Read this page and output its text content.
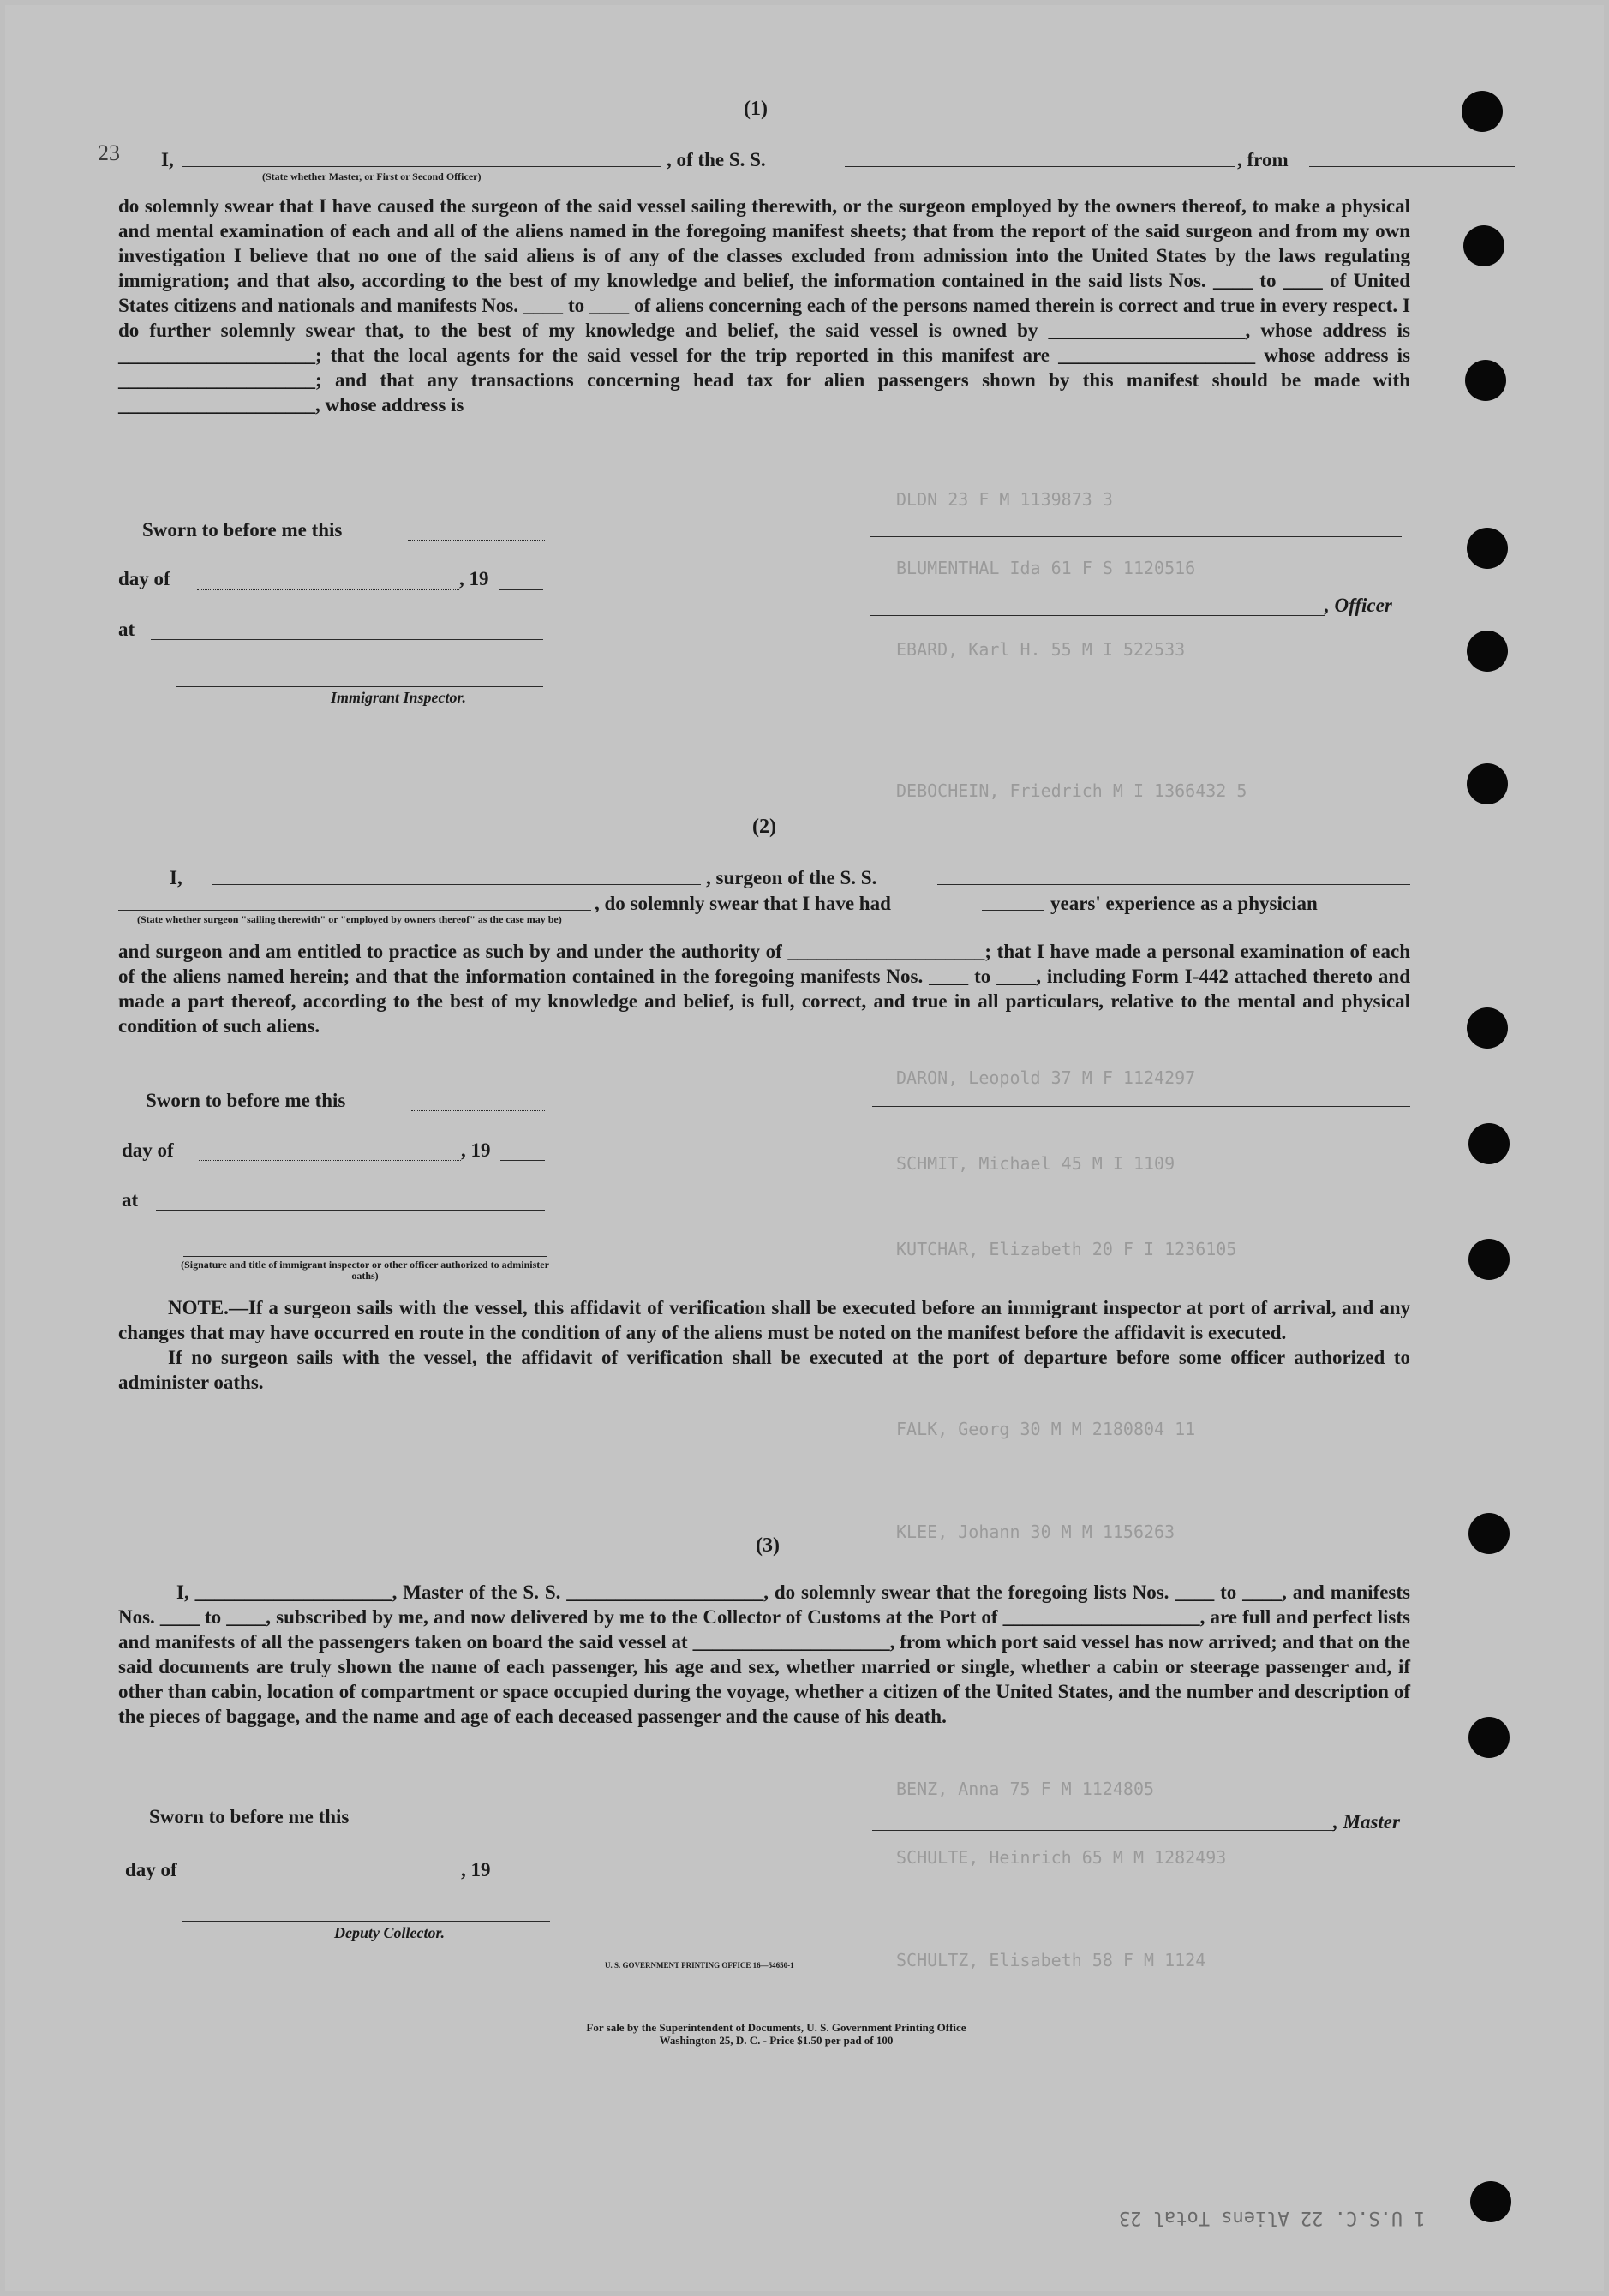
DLDN 23 F M 1139873 3
BLUMENTHAL Ida 61 F S 1120516
EBARD, Karl H. 55 M I 522533
DEBOCHEIN, Friedrich M I 1366432 5
DARON, Leopold 37 M F 1124297
SCHMIT, Michael 45 M I 1109
KUTCHAR, Elizabeth 20 F I 1236105
FALK, Georg 30 M M 2180804 11
KLEE, Johann 30 M M 1156263
BENZ, Anna 75 F M 1124805
SCHULTE, Heinrich 65 M M 1282493
SCHULTZ, Elisabeth 58 F M 1124
23
1 U.S.C. 22 Aliens Total 23
(1)
I,	, of the S. S.	, from
(State whether Master, or First or Second Officer)

do solemnly swear that I have caused the surgeon of the said vessel sailing therewith, or the surgeon employed by the owners thereof, to make a physical and mental examination of each and all of the aliens named in the foregoing manifest sheets; that from the report of the said surgeon and from my own investigation I believe that no one of the said aliens is of any of the classes excluded from admission into the United States by the laws regulating immigration; and that also, according to the best of my knowledge and belief, the information contained in the said lists Nos. ____ to ____ of United States citizens and nationals and manifests Nos. ____ to ____ of aliens concerning each of the persons named therein is correct and true in every respect. I do further solemnly swear that, to the best of my knowledge and belief, the said vessel is owned by ____________________, whose address is ____________________; that the local agents for the said vessel for the trip reported in this manifest are ____________________ whose address is ____________________; and that any transactions concerning head tax for alien passengers shown by this manifest should be made with ____________________, whose address is

Sworn to before me this
day of	, 19
, Officer
at
Immigrant Inspector.
(2)
I,	, surgeon of the S. S.
, do solemnly swear that I have had	years' experience as a physician
(State whether surgeon "sailing therewith" or "employed by owners thereof" as the case may be)

and surgeon and am entitled to practice as such by and under the authority of ____________________; that I have made a personal examination of each of the aliens named herein; and that the information contained in the foregoing manifests Nos. ____ to ____, including Form I-442 attached thereto and made a part thereof, according to the best of my knowledge and belief, is full, correct, and true in all particulars, relative to the mental and physical condition of such aliens.

Sworn to before me this
day of	, 19
at
(Signature and title of immigrant inspector or other officer authorized to administer oaths)

NOTE.—If a surgeon sails with the vessel, this affidavit of verification shall be executed before an immigrant inspector at port of arrival, and any changes that may have occurred en route in the condition of any of the aliens must be noted on the manifest before the affidavit is executed.

If no surgeon sails with the vessel, the affidavit of verification shall be executed at the port of departure before some officer authorized to administer oaths.

(3)

I, ____________________, Master of the S. S. ____________________, do solemnly swear that the foregoing lists Nos. ____ to ____, and manifests Nos. ____ to ____, subscribed by me, and now delivered by me to the Collector of Customs at the Port of ____________________, are full and perfect lists and manifests of all the passengers taken on board the said vessel at ____________________, from which port said vessel has now arrived; and that on the said documents are truly shown the name of each passenger, his age and sex, whether married or single, whether a cabin or steerage passenger and, if other than cabin, location of compartment or space occupied during the voyage, whether a citizen of the United States, and the number and description of the pieces of baggage, and the name and age of each deceased passenger and the cause of his death.

Sworn to before me this	, Master
day of	, 19
Deputy Collector.
U. S. GOVERNMENT PRINTING OFFICE 16—54650-1
For sale by the Superintendent of Documents, U. S. Government Printing Office
Washington 25, D. C. - Price $1.50 per pad of 100
